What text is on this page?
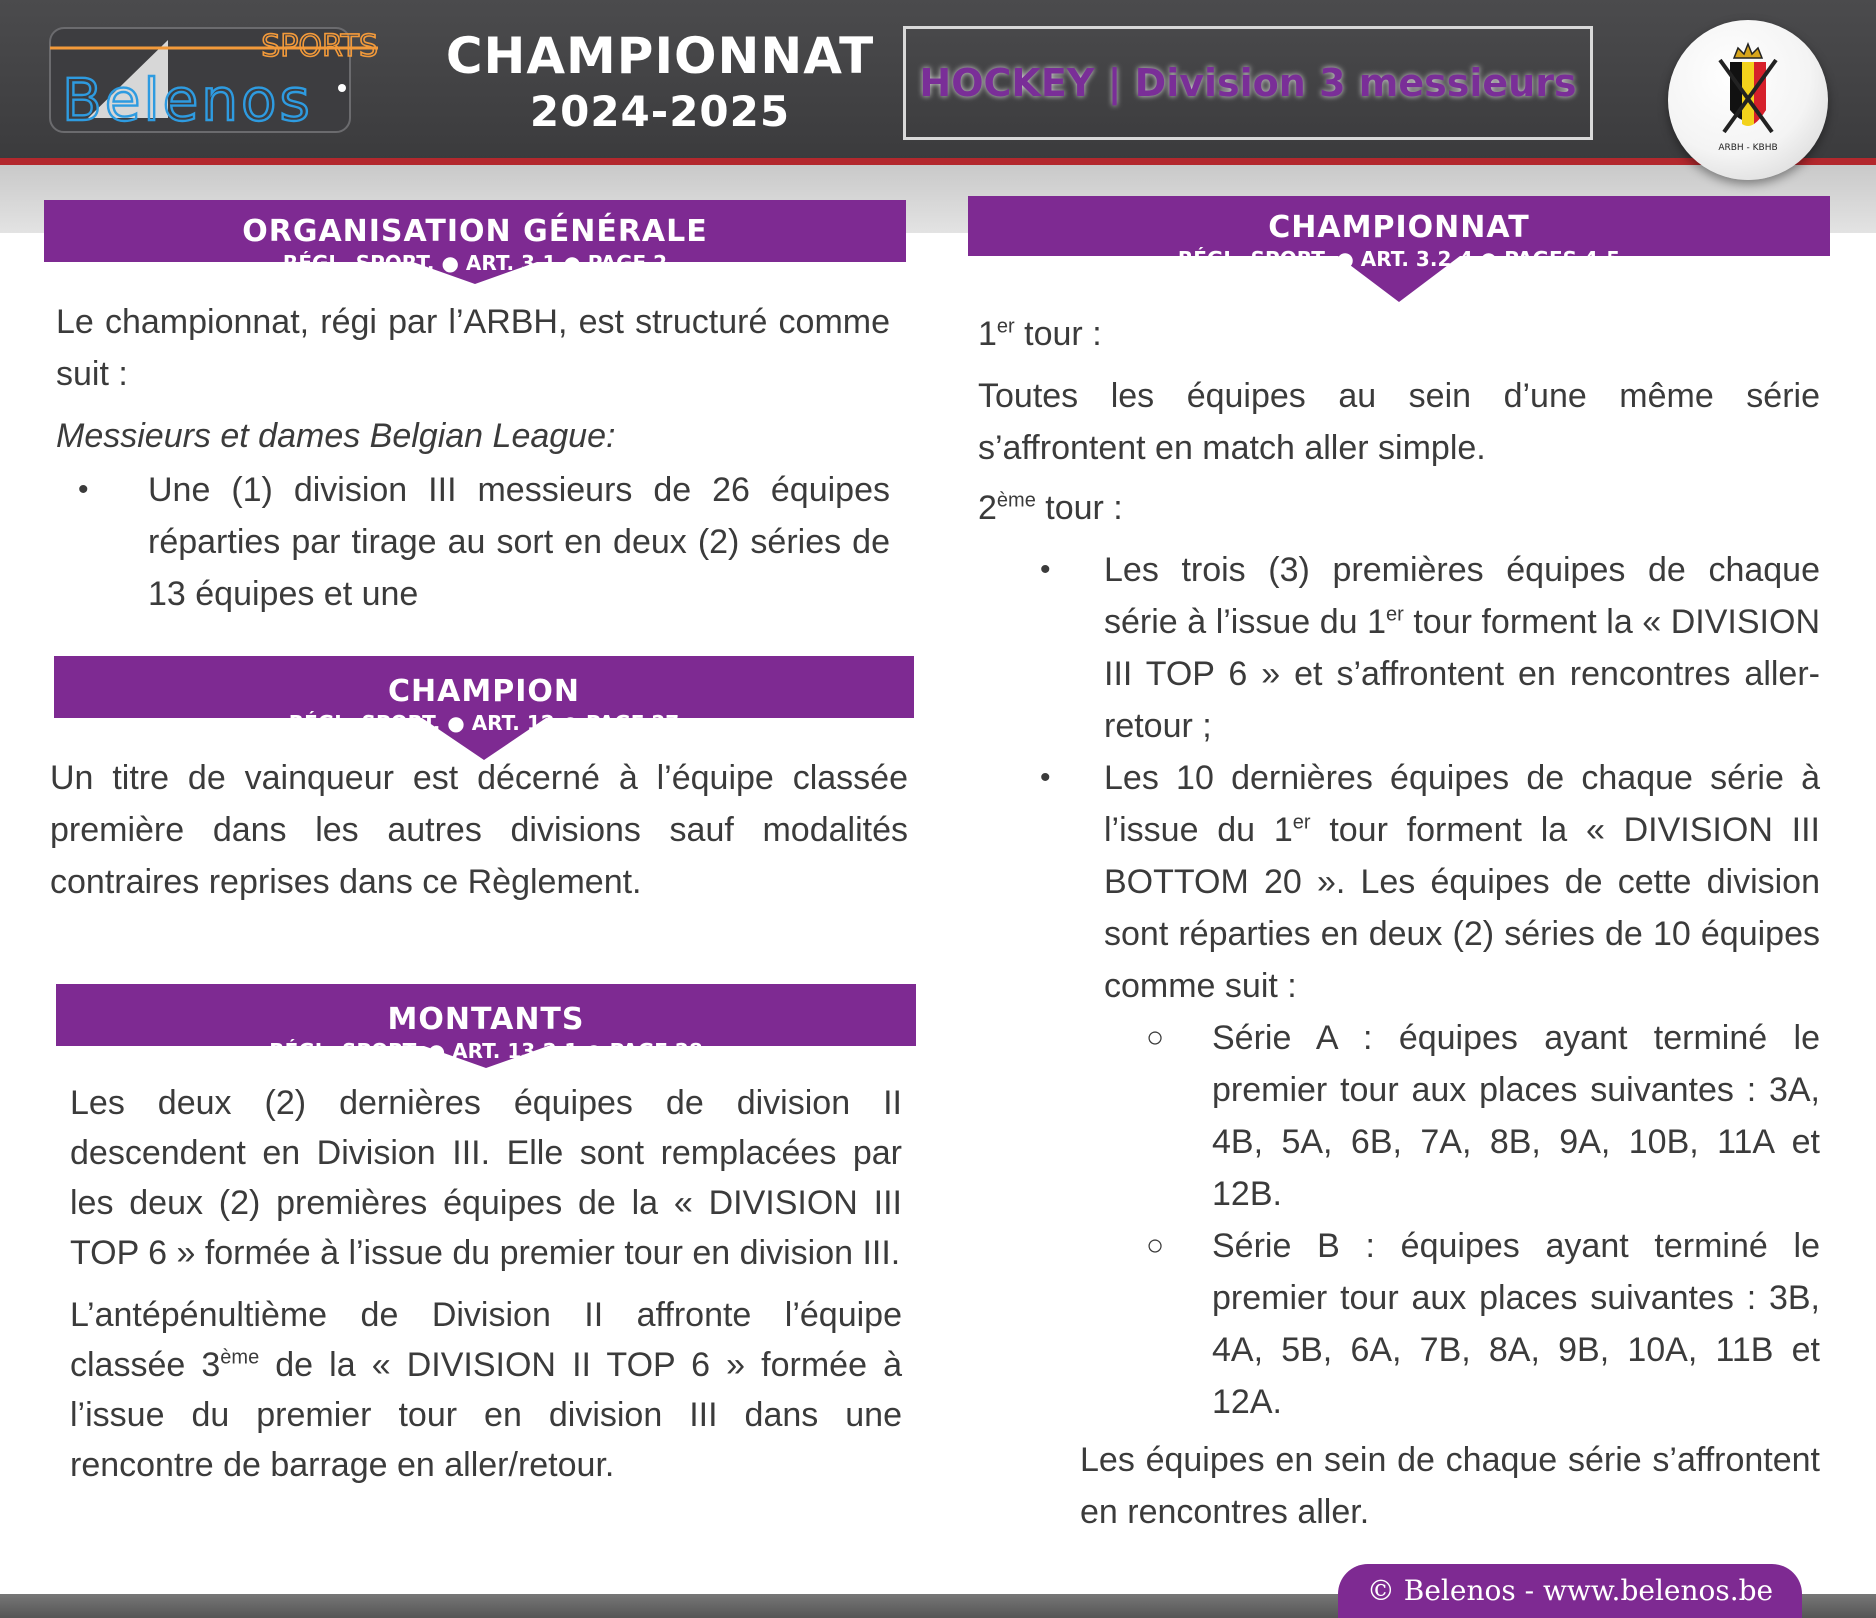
SPORTS
Belenos
CHAMPIONNAT
2024-2025
HOCKEY | Division 3 messieurs
ARBH - KBHB
ORGANISATION GÉNÉRALE
RÉGL. SPORT. ● ART. 3.1 ● PAGE 2

Le championnat, régi par l’ARBH, est structuré comme suit :

Messieurs et dames Belgian League:

• Une (1) division III messieurs de 26 équipes réparties par tirage au sort en deux (2) séries de 13 équipes et une

CHAMPION
RÉGL. SPORT. ● ART. 12 ● PAGE 27

Un titre de vainqueur est décerné à l’équipe classée première dans les autres divisions sauf modalités contraires reprises dans ce Règlement.

MONTANTS
RÉGL. SPORT. ● ART. 13.2.1 ● PAGE 28

Les deux (2) dernières équipes de division II descendent en Division III. Elle sont remplacées par les deux (2) premières équipes de la « DIVISION III TOP 6 » formée à l’issue du premier tour en division III.

L’antépénultième de Division II affronte l’équipe classée 3ème de la « DIVISION II TOP 6 » formée à l’issue du premier tour en division III dans une rencontre de barrage en aller/retour.

CHAMPIONNAT
RÉGL. SPORT. ● ART. 3.2.4 ● PAGES 4-5

1er tour :

Toutes les équipes au sein d’une même série s’affrontent en match aller simple.

2ème tour :

• Les trois (3) premières équipes de chaque série à l’issue du 1er tour forment la « DIVISION III TOP 6 » et s’affrontent en rencontres aller-retour ;

• Les 10 dernières équipes de chaque série à l’issue du 1er tour forment la « DIVISION III BOTTOM 20 ». Les équipes de cette division sont réparties en deux (2) séries de 10 équipes comme suit :

○ Série A : équipes ayant terminé le premier tour aux places suivantes : 3A, 4B, 5A, 6B, 7A, 8B, 9A, 10B, 11A et 12B.

○ Série B : équipes ayant terminé le premier tour aux places suivantes : 3B, 4A, 5B, 6A, 7B, 8A, 9B, 10A, 11B et 12A.

Les équipes en sein de chaque série s’affrontent en rencontres aller.

© Belenos - www.belenos.be
